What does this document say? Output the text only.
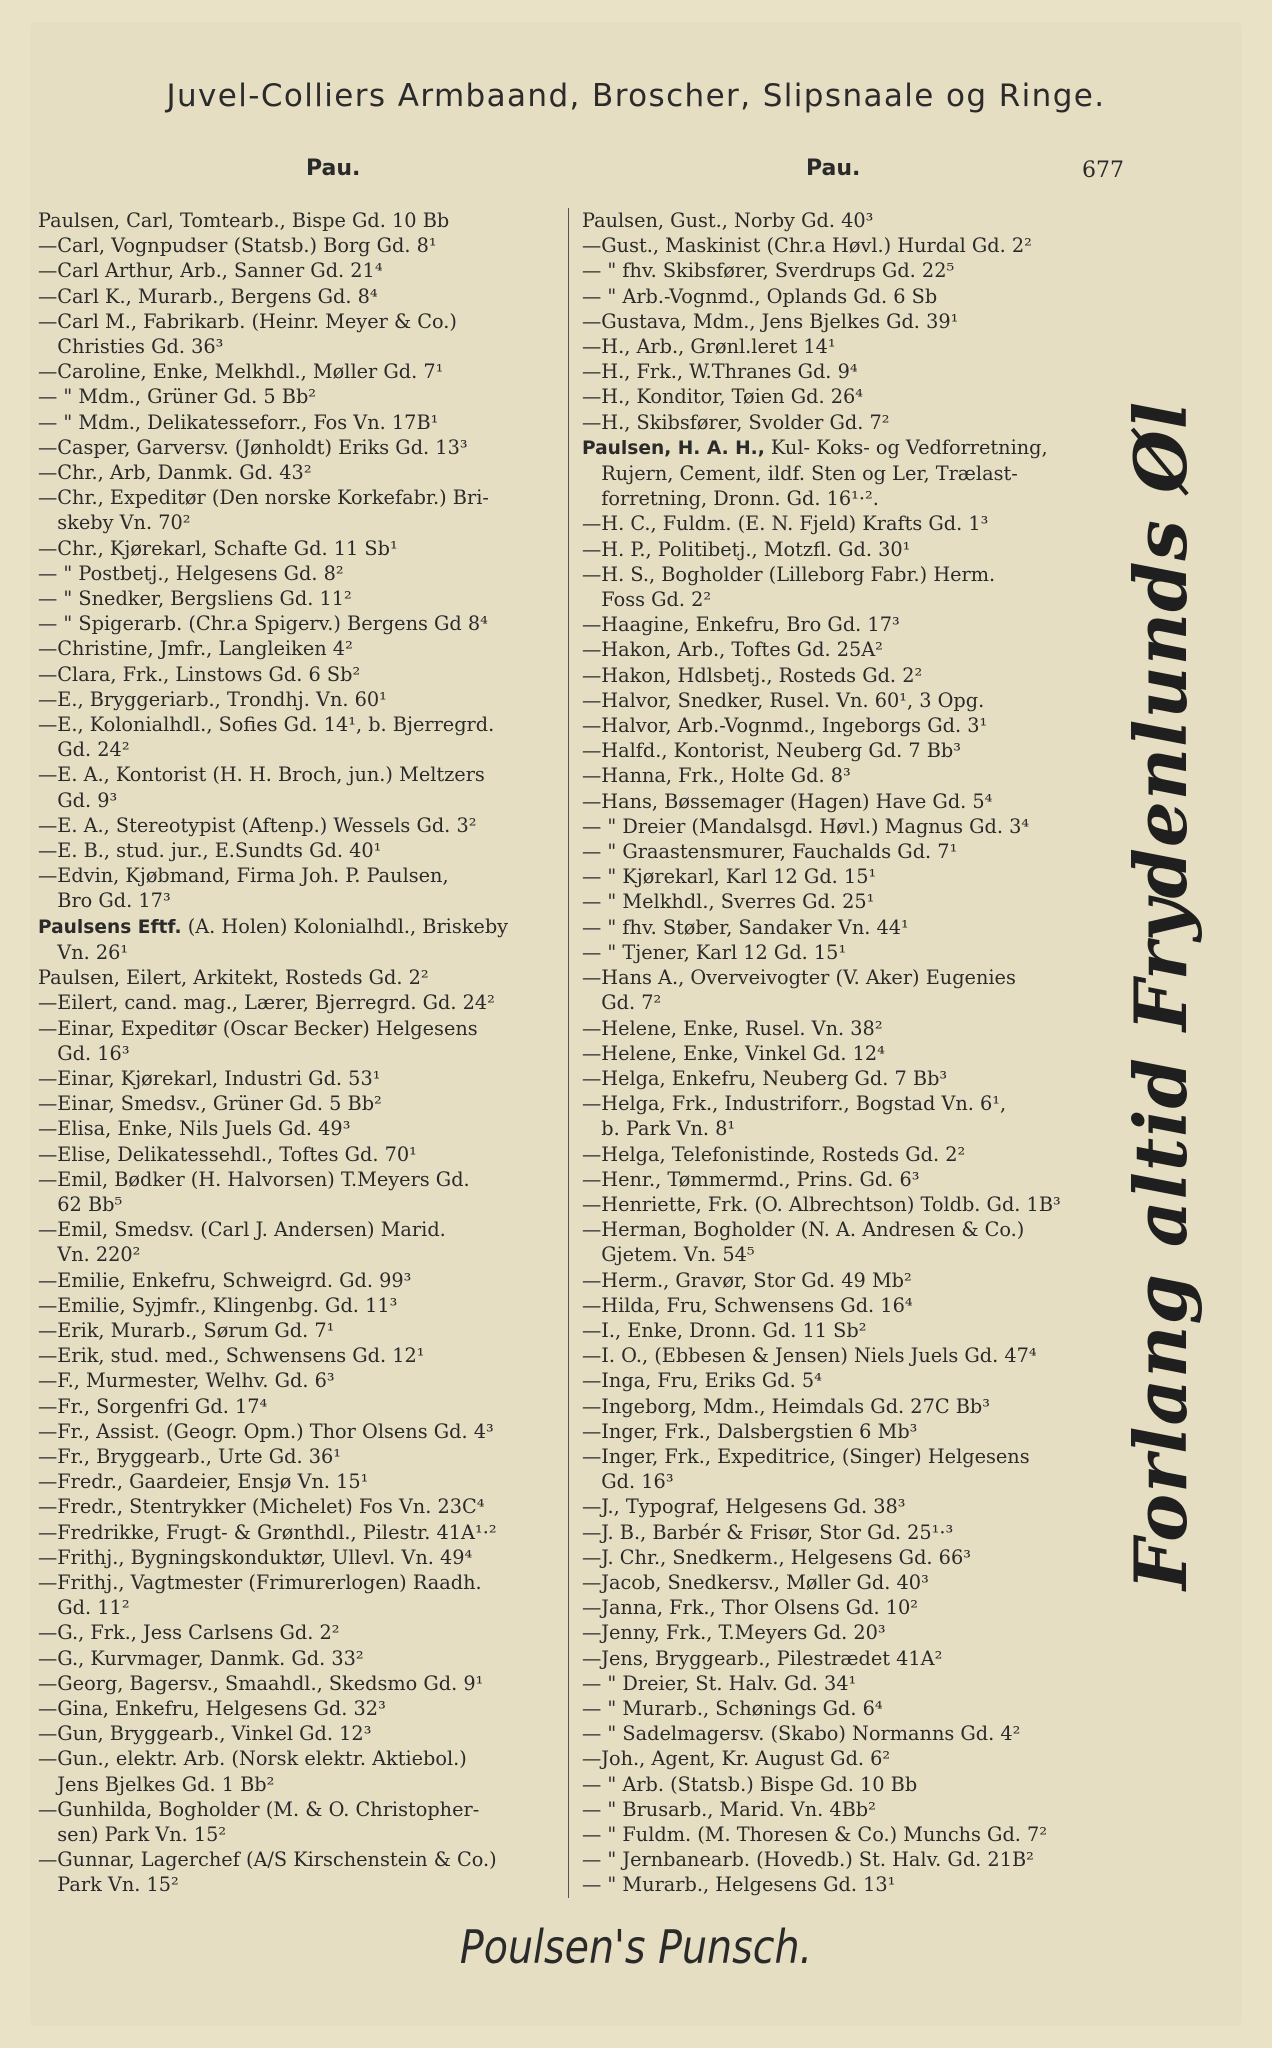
Juvel-Colliers Armbaand, Broscher, Slipsnaale og Ringe.
Pau.	Pau.	677
Paulsen, Carl, Tomtearb., Bispe Gd. 10 Bb
—Carl, Vognpudser (Statsb.) Borg Gd. 8¹
—Carl Arthur, Arb., Sanner Gd. 21⁴
—Carl K., Murarb., Bergens Gd. 8⁴
—Carl M., Fabrikarb. (Heinr. Meyer & Co.)
 Christies Gd. 36³
—Caroline, Enke, Melkhdl., Møller Gd. 7¹
— " Mdm., Grüner Gd. 5 Bb²
— " Mdm., Delikatesseforr., Fos Vn. 17B¹
—Casper, Garversv. (Jønholdt) Eriks Gd. 13³
—Chr., Arb, Danmk. Gd. 43²
—Chr., Expeditør (Den norske Korkefabr.) Bri-
 skeby Vn. 70²
—Chr., Kjørekarl, Schafte Gd. 11 Sb¹
— " Postbetj., Helgesens Gd. 8²
— " Snedker, Bergsliens Gd. 11²
— " Spigerarb. (Chr.a Spigerv.) Bergens Gd 8⁴
—Christine, Jmfr., Langleiken 4²
—Clara, Frk., Linstows Gd. 6 Sb²
—E., Bryggeriarb., Trondhj. Vn. 60¹
—E., Kolonialhdl., Sofies Gd. 14¹, b. Bjerregrd.
 Gd. 24²
—E. A., Kontorist (H. H. Broch, jun.) Meltzers
 Gd. 9³
—E. A., Stereotypist (Aftenp.) Wessels Gd. 3²
—E. B., stud. jur., E.Sundts Gd. 40¹
—Edvin, Kjøbmand, Firma Joh. P. Paulsen,
 Bro Gd. 17³
Paulsens Eftf. (A. Holen) Kolonialhdl., Briskeby
 Vn. 26¹
Paulsen, Eilert, Arkitekt, Rosteds Gd. 2²
—Eilert, cand. mag., Lærer, Bjerregrd. Gd. 24²
—Einar, Expeditør (Oscar Becker) Helgesens
 Gd. 16³
—Einar, Kjørekarl, Industri Gd. 53¹
—Einar, Smedsv., Grüner Gd. 5 Bb²
—Elisa, Enke, Nils Juels Gd. 49³
—Elise, Delikatessehdl., Toftes Gd. 70¹
—Emil, Bødker (H. Halvorsen) T.Meyers Gd.
 62 Bb⁵
—Emil, Smedsv. (Carl J. Andersen) Marid.
 Vn. 220²
—Emilie, Enkefru, Schweigrd. Gd. 99³
—Emilie, Syjmfr., Klingenbg. Gd. 11³
—Erik, Murarb., Sørum Gd. 7¹
—Erik, stud. med., Schwensens Gd. 12¹
—F., Murmester, Welhv. Gd. 6³
—Fr., Sorgenfri Gd. 17⁴
—Fr., Assist. (Geogr. Opm.) Thor Olsens Gd. 4³
—Fr., Bryggearb., Urte Gd. 36¹
—Fredr., Gaardeier, Ensjø Vn. 15¹
—Fredr., Stentrykker (Michelet) Fos Vn. 23C⁴
—Fredrikke, Frugt- & Grønthdl., Pilestr. 41A¹·²
—Frithj., Bygningskonduktør, Ullevl. Vn. 49⁴
—Frithj., Vagtmester (Frimurerlogen) Raadh.
 Gd. 11²
—G., Frk., Jess Carlsens Gd. 2²
—G., Kurvmager, Danmk. Gd. 33²
—Georg, Bagersv., Smaahdl., Skedsmo Gd. 9¹
—Gina, Enkefru, Helgesens Gd. 32³
—Gun, Bryggearb., Vinkel Gd. 12³
—Gun., elektr. Arb. (Norsk elektr. Aktiebol.)
 Jens Bjelkes Gd. 1 Bb²
—Gunhilda, Bogholder (M. & O. Christopher-
 sen) Park Vn. 15²
—Gunnar, Lagerchef (A/S Kirschenstein & Co.)
 Park Vn. 15²
Paulsen, Gust., Norby Gd. 40³
—Gust., Maskinist (Chr.a Høvl.) Hurdal Gd. 2²
— " fhv. Skibsfører, Sverdrups Gd. 22⁵
— " Arb.-Vognmd., Oplands Gd. 6 Sb
—Gustava, Mdm., Jens Bjelkes Gd. 39¹
—H., Arb., Grønl.leret 14¹
—H., Frk., W.Thranes Gd. 9⁴
—H., Konditor, Tøien Gd. 26⁴
—H., Skibsfører, Svolder Gd. 7²
Paulsen, H. A. H., Kul- Koks- og Vedforretning,
 Rujern, Cement, ildf. Sten og Ler, Trælast-
 forretning, Dronn. Gd. 16¹·².
—H. C., Fuldm. (E. N. Fjeld) Krafts Gd. 1³
—H. P., Politibetj., Motzfl. Gd. 30¹
—H. S., Bogholder (Lilleborg Fabr.) Herm.
 Foss Gd. 2²
—Haagine, Enkefru, Bro Gd. 17³
—Hakon, Arb., Toftes Gd. 25A²
—Hakon, Hdlsbetj., Rosteds Gd. 2²
—Halvor, Snedker, Rusel. Vn. 60¹, 3 Opg.
—Halvor, Arb.-Vognmd., Ingeborgs Gd. 3¹
—Halfd., Kontorist, Neuberg Gd. 7 Bb³
—Hanna, Frk., Holte Gd. 8³
—Hans, Bøssemager (Hagen) Have Gd. 5⁴
— " Dreier (Mandalsgd. Høvl.) Magnus Gd. 3⁴
— " Graastensmurer, Fauchalds Gd. 7¹
— " Kjørekarl, Karl 12 Gd. 15¹
— " Melkhdl., Sverres Gd. 25¹
— " fhv. Støber, Sandaker Vn. 44¹
— " Tjener, Karl 12 Gd. 15¹
—Hans A., Overveivogter (V. Aker) Eugenies
 Gd. 7²
—Helene, Enke, Rusel. Vn. 38²
—Helene, Enke, Vinkel Gd. 12⁴
—Helga, Enkefru, Neuberg Gd. 7 Bb³
—Helga, Frk., Industriforr., Bogstad Vn. 6¹,
 b. Park Vn. 8¹
—Helga, Telefonistinde, Rosteds Gd. 2²
—Henr., Tømmermd., Prins. Gd. 6³
—Henriette, Frk. (O. Albrechtson) Toldb. Gd. 1B³
—Herman, Bogholder (N. A. Andresen & Co.)
 Gjetem. Vn. 54⁵
—Herm., Gravør, Stor Gd. 49 Mb²
—Hilda, Fru, Schwensens Gd. 16⁴
—I., Enke, Dronn. Gd. 11 Sb²
—I. O., (Ebbesen & Jensen) Niels Juels Gd. 47⁴
—Inga, Fru, Eriks Gd. 5⁴
—Ingeborg, Mdm., Heimdals Gd. 27C Bb³
—Inger, Frk., Dalsbergstien 6 Mb³
—Inger, Frk., Expeditrice, (Singer) Helgesens
 Gd. 16³
—J., Typograf, Helgesens Gd. 38³
—J. B., Barbér & Frisør, Stor Gd. 25¹·³
—J. Chr., Snedkerm., Helgesens Gd. 66³
—Jacob, Snedkersv., Møller Gd. 40³
—Janna, Frk., Thor Olsens Gd. 10²
—Jenny, Frk., T.Meyers Gd. 20³
—Jens, Bryggearb., Pilestrædet 41A²
— " Dreier, St. Halv. Gd. 34¹
— " Murarb., Schønings Gd. 6⁴
— " Sadelmagersv. (Skabo) Normanns Gd. 4²
—Joh., Agent, Kr. August Gd. 6²
— " Arb. (Statsb.) Bispe Gd. 10 Bb
— " Brusarb., Marid. Vn. 4Bb²
— " Fuldm. (M. Thoresen & Co.) Munchs Gd. 7²
— " Jernbanearb. (Hovedb.) St. Halv. Gd. 21B²
— " Murarb., Helgesens Gd. 13¹
Forlang altid Frydenlunds Øl
Poulsen's Punsch.
